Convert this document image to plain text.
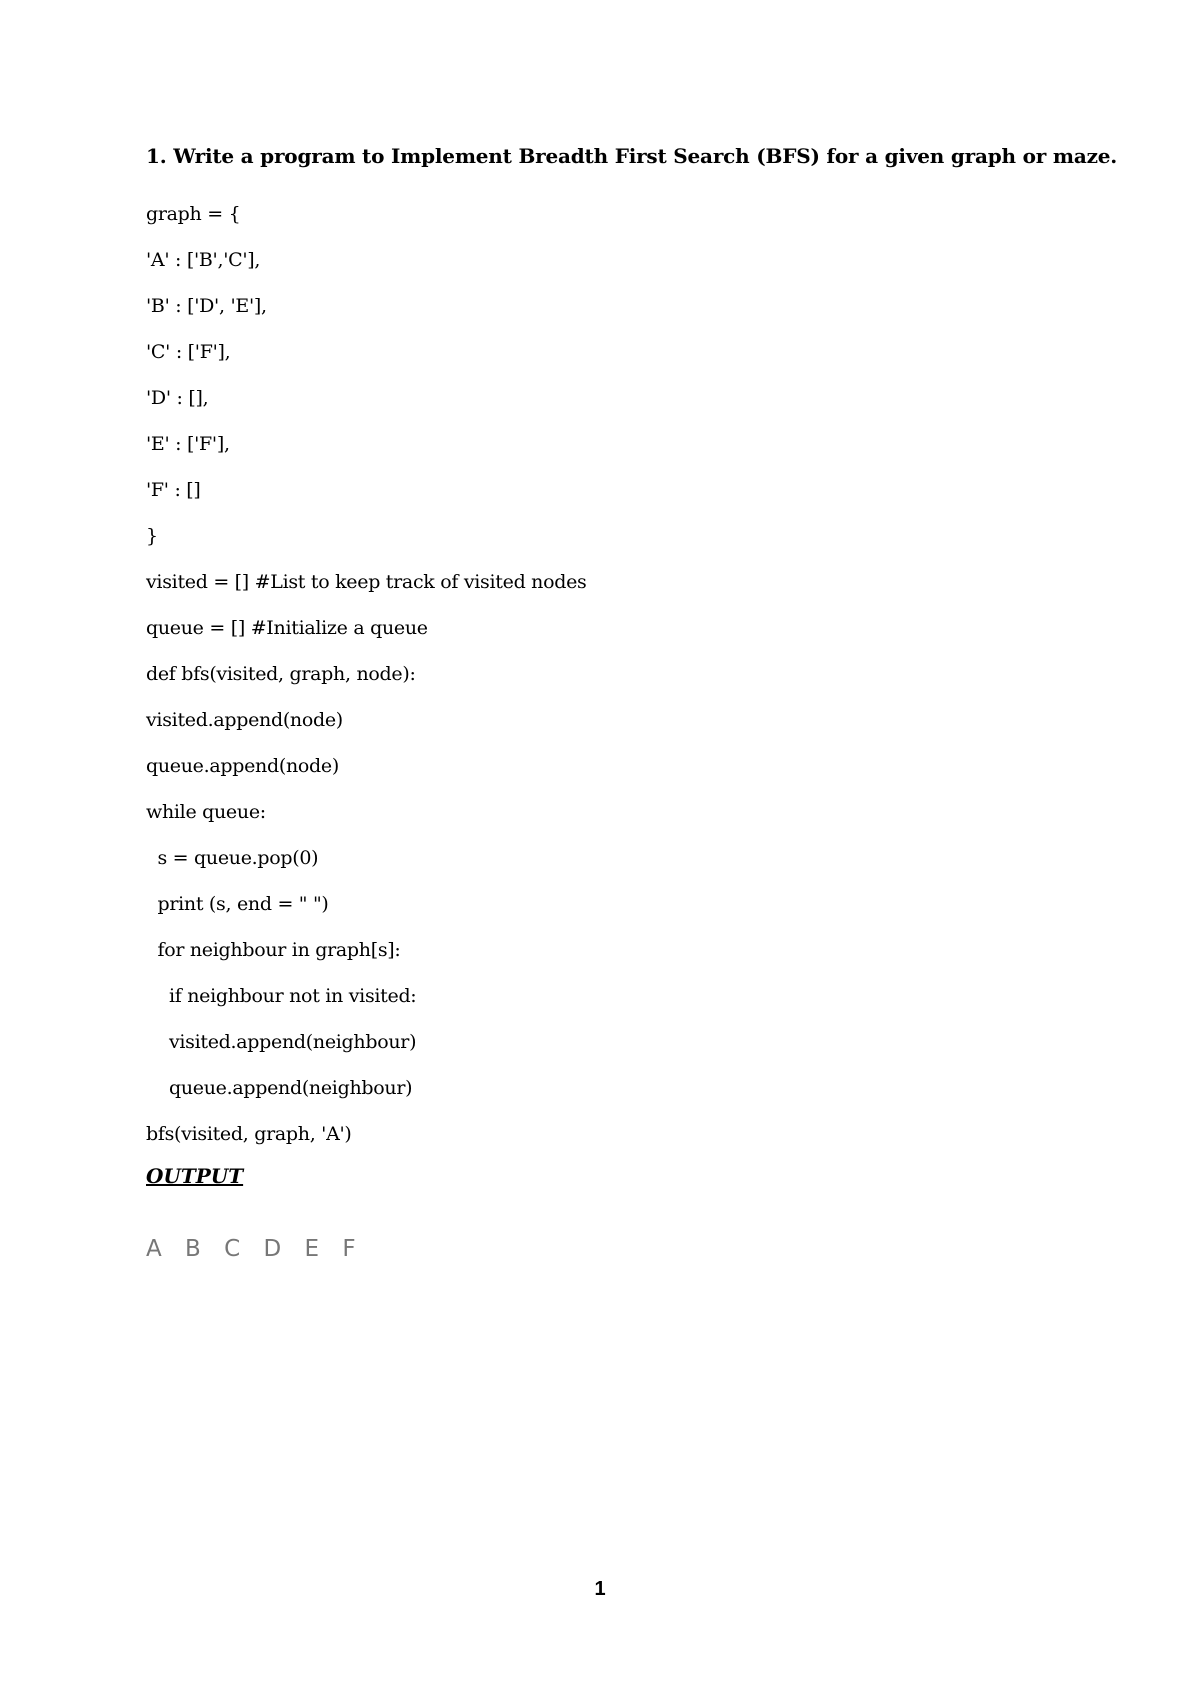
1. Write a program to Implement Breadth First Search (BFS) for a given graph or maze.
graph = {
'A' : ['B','C'],
'B' : ['D', 'E'],
'C' : ['F'],
'D' : [],
'E' : ['F'],
'F' : []
}
visited = [] #List to keep track of visited nodes
queue = [] #Initialize a queue
def bfs(visited, graph, node):
visited.append(node)
queue.append(node)
while queue:
s = queue.pop(0)
print (s, end = " ")
for neighbour in graph[s]:
if neighbour not in visited:
visited.append(neighbour)
queue.append(neighbour)
bfs(visited, graph, 'A')
OUTPUT
A B C D E F
1
